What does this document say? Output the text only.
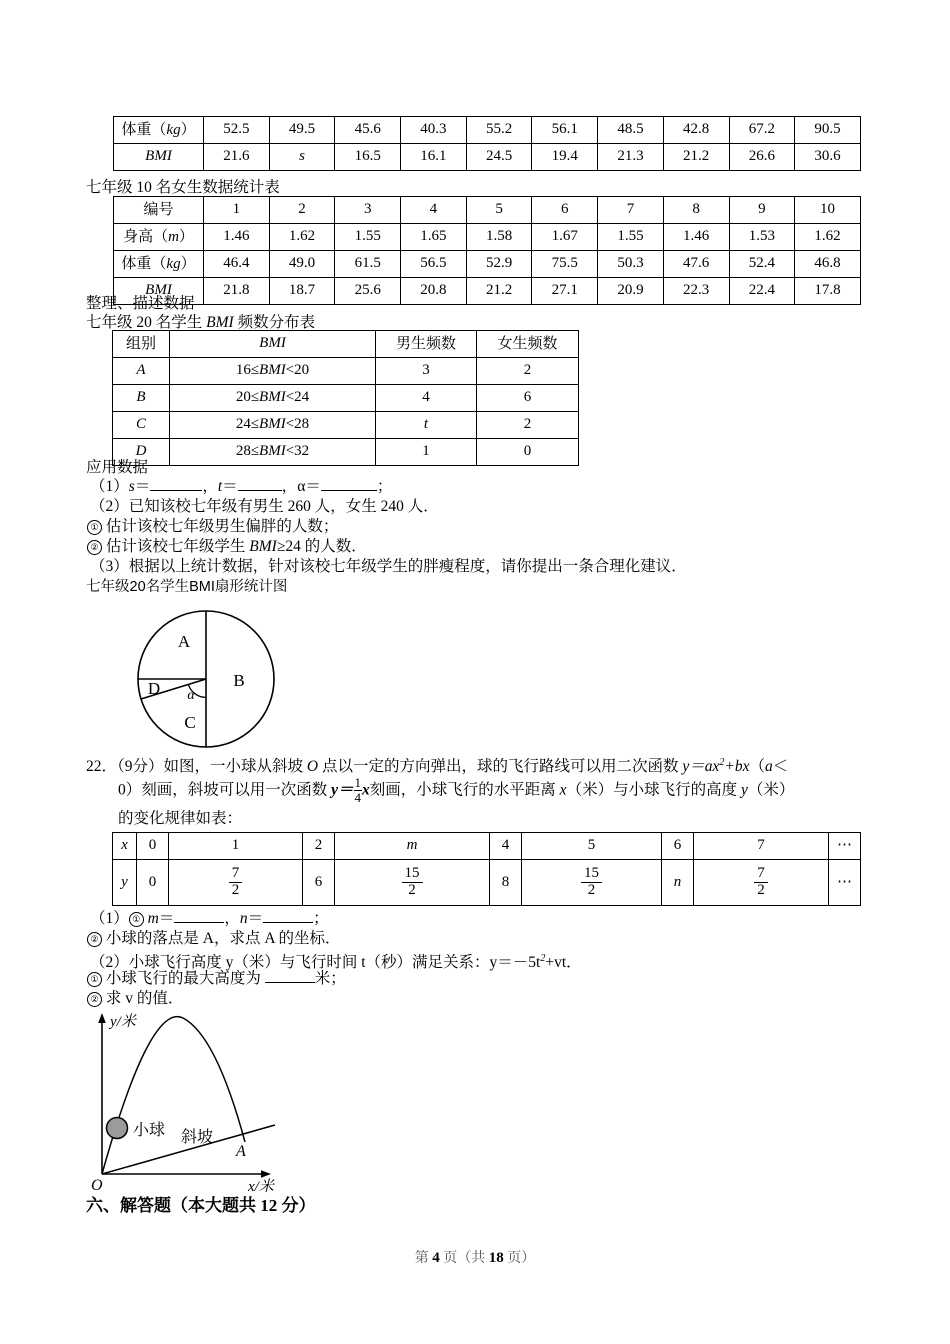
体重（kg）	52.5	49.5	45.6	40.3	55.2	56.1	48.5	42.8	67.2	90.5
BMI	21.6	s	16.5	16.1	24.5	19.4	21.3	21.2	26.6	30.6
七年级 10 名女生数据统计表
编号	1	2	3	4	5	6	7	8	9	10
身高（m）	1.46	1.62	1.55	1.65	1.58	1.67	1.55	1.46	1.53	1.62
体重（kg）	46.4	49.0	61.5	56.5	52.9	75.5	50.3	47.6	52.4	46.8
BMI	21.8	18.7	25.6	20.8	21.2	27.1	20.9	22.3	22.4	17.8
整理、描述数据
七年级 20 名学生 BMI 频数分布表
组别	BMI	男生频数	女生频数
A	16≤BMI<20	3	2
B	20≤BMI<24	4	6
C	24≤BMI<28	t	2
D	28≤BMI<32	1	0
应用数据
（1）s＝	，t＝	，α＝	；
（2）已知该校七年级有男生 260 人，女生 240 人．
① 估计该校七年级男生偏胖的人数；
② 估计该校七年级学生 BMI≥24 的人数．
（3）根据以上统计数据，针对该校七年级学生的胖瘦程度，请你提出一条合理化建议．
七年级20名学生BMI扇形统计图
A
B
C
D α
22．（9分）如图，一小球从斜坡 O 点以一定的方向弹出，球的飞行路线可以用二次函数 $y=ax^2+bx(a<$
0）刻画，斜坡可以用一次函数 $y= \frac{1}{4}$ x刻画，小球飞行的水平距离 x（米）与小球飞行的高度 y（米）
的变化规律如表：
x	0	1	2	m	4	5	6	7	⋯
y	0	$\frac{7}{2}$	6	$\frac{15}{2}$	8	$\frac{15}{2}$	n	$\frac{7}{2}$	⋯
（1） ① m＝	，n＝	；
② 小球的落点是 A，求点 A 的坐标．
（2）小球飞行高度 y（米）与飞行时间 t（秒）满足关系：$y=-5t^2+vt$．
① 小球飞行的最大高度为	米；
② 求 v 的值．
小球 斜坡
A
O
y/米
x/米
六、解答题（本大题共 12 分）
第 4 页（共 18 页）
